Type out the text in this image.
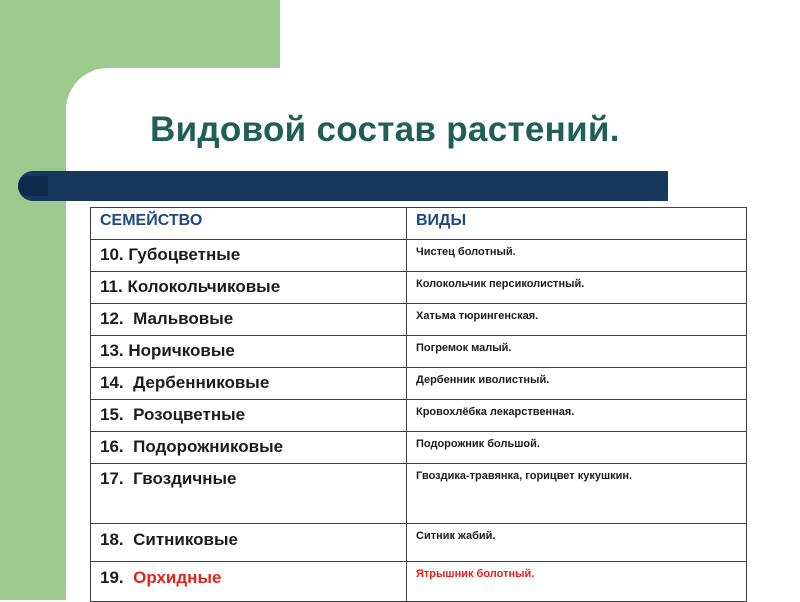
Видовой состав растений.
СЕМЕЙСТВО	ВИДЫ

10. Губоцветные	Чистец болотный.

11. Колокольчиковые	Колокольчик персиколистный.

12. Мальвовые	Хатьма тюрингенская.

13. Норичковые	Погремок малый.

14. Дербенниковые	Дербенник иволистный.

15. Розоцветные	Кровохлёбка лекарственная.

16. Подорожниковые	Подорожник большой.

17. Гвоздичные	Гвоздика-травянка, горицвет кукушкин.

18. Ситниковые	Ситник жабий.

19. Орхидные	Ятрышник болотный.
